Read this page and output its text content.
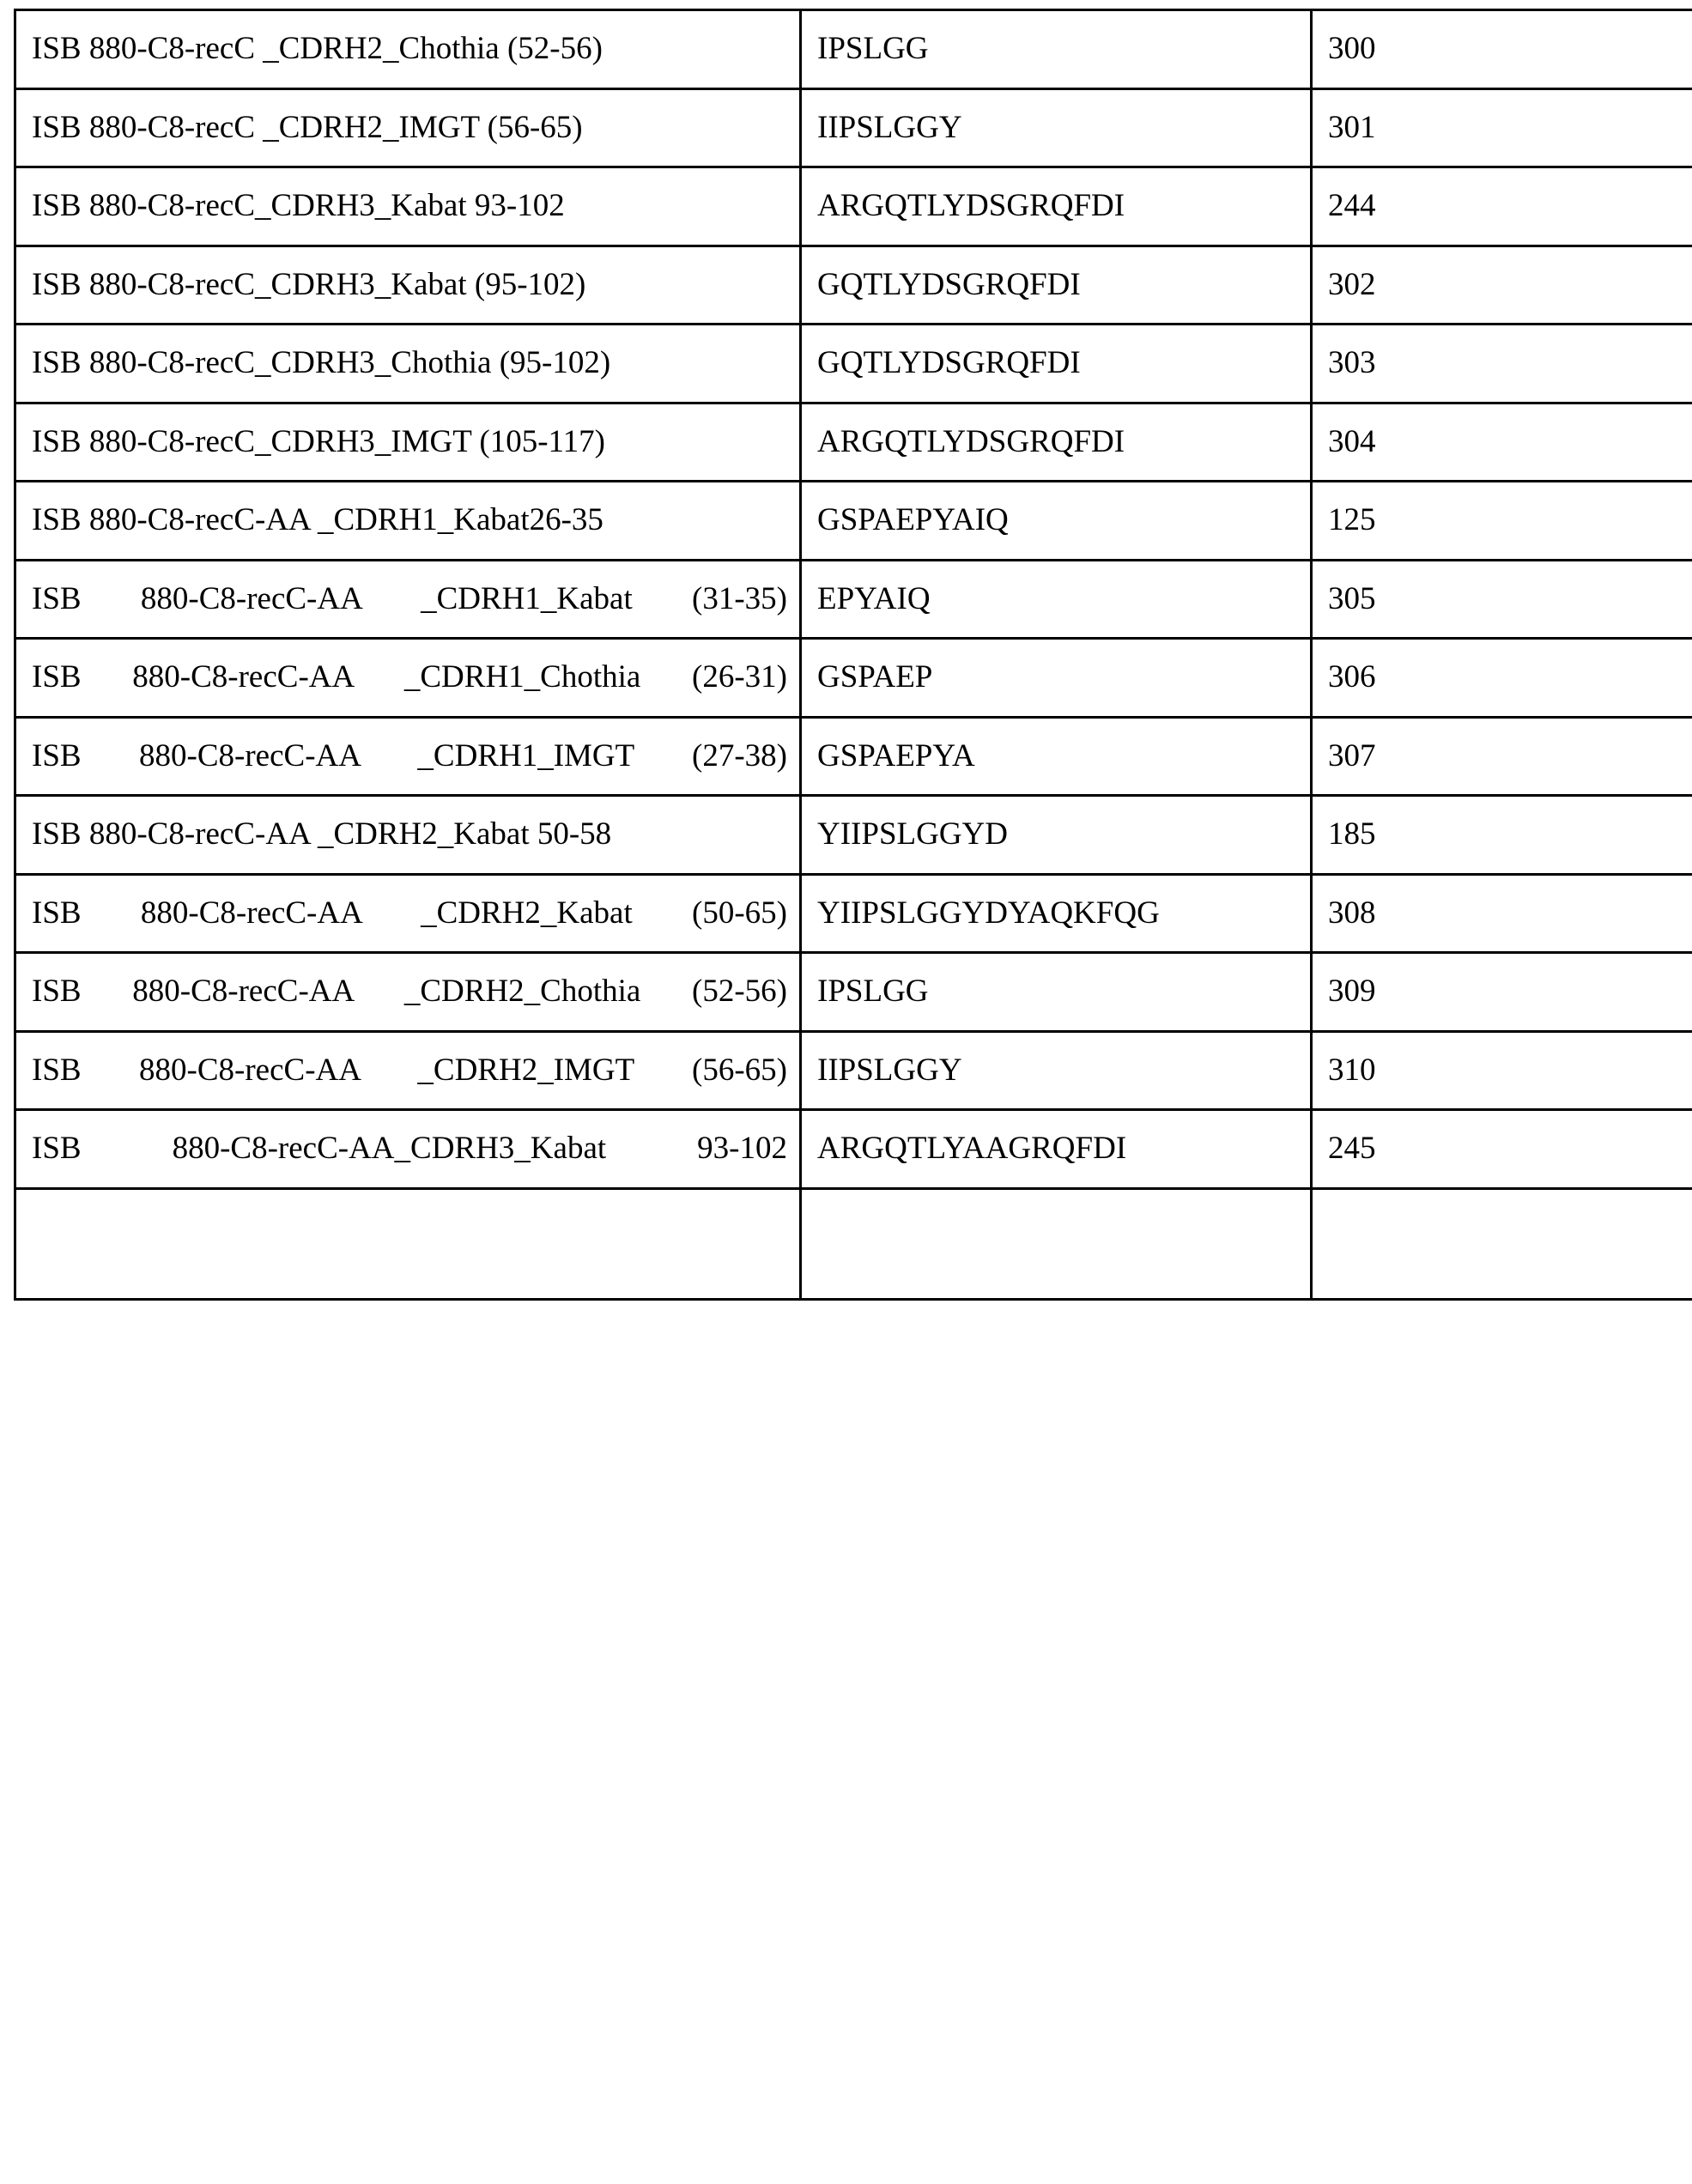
ISB 880-C8-recC _CDRH2_Chothia (52-56)	IPSLGG	300
ISB 880-C8-recC _CDRH2_IMGT (56-65)	IIPSLGGY	301
ISB 880-C8-recC_CDRH3_Kabat 93-102	ARGQTLYDSGRQFDI	244
ISB 880-C8-recC_CDRH3_Kabat (95-102)	GQTLYDSGRQFDI	302
ISB 880-C8-recC_CDRH3_Chothia (95-102)	GQTLYDSGRQFDI	303
ISB 880-C8-recC_CDRH3_IMGT (105-117)	ARGQTLYDSGRQFDI	304
ISB 880-C8-recC-AA _CDRH1_Kabat26-35	GSPAEPYAIQ	125
ISB 880-C8-recC-AA _CDRH1_Kabat (31-35)	EPYAIQ	305
ISB 880-C8-recC-AA _CDRH1_Chothia (26-31)	GSPAEP	306
ISB 880-C8-recC-AA _CDRH1_IMGT (27-38)	GSPAEPYA	307
ISB 880-C8-recC-AA _CDRH2_Kabat 50-58	YIIPSLGGYD	185
ISB 880-C8-recC-AA _CDRH2_Kabat (50-65)	YIIPSLGGYDYAQKFQG	308
ISB 880-C8-recC-AA _CDRH2_Chothia (52-56)	IPSLGG	309
ISB 880-C8-recC-AA _CDRH2_IMGT (56-65)	IIPSLGGY	310
ISB 880-C8-recC-AA_CDRH3_Kabat 93-102	ARGQTLYAAGRQFDI	245
